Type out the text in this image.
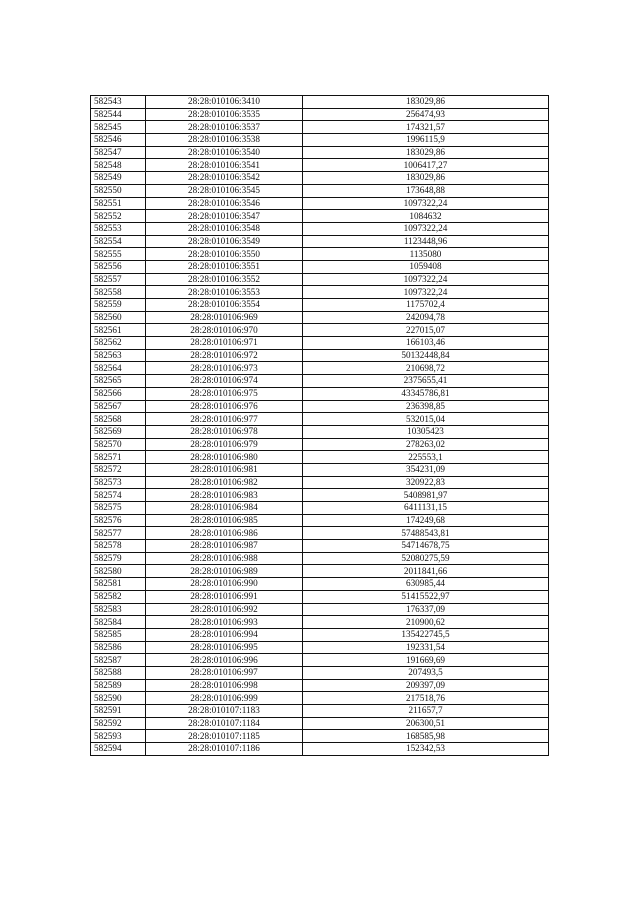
582543	28:28:010106:3410	183029,86
582544	28:28:010106:3535	256474,93
582545	28:28:010106:3537	174321,57
582546	28:28:010106:3538	1996115,9
582547	28:28:010106:3540	183029,86
582548	28:28:010106:3541	1006417,27
582549	28:28:010106:3542	183029,86
582550	28:28:010106:3545	173648,88
582551	28:28:010106:3546	1097322,24
582552	28:28:010106:3547	1084632
582553	28:28:010106:3548	1097322,24
582554	28:28:010106:3549	1123448,96
582555	28:28:010106:3550	1135080
582556	28:28:010106:3551	1059408
582557	28:28:010106:3552	1097322,24
582558	28:28:010106:3553	1097322,24
582559	28:28:010106:3554	1175702,4
582560	28:28:010106:969	242094,78
582561	28:28:010106:970	227015,07
582562	28:28:010106:971	166103,46
582563	28:28:010106:972	50132448,84
582564	28:28:010106:973	210698,72
582565	28:28:010106:974	2375655,41
582566	28:28:010106:975	43345786,81
582567	28:28:010106:976	236398,85
582568	28:28:010106:977	532015,04
582569	28:28:010106:978	10305423
582570	28:28:010106:979	278263,02
582571	28:28:010106:980	225553,1
582572	28:28:010106:981	354231,09
582573	28:28:010106:982	320922,83
582574	28:28:010106:983	5408981,97
582575	28:28:010106:984	6411131,15
582576	28:28:010106:985	174249,68
582577	28:28:010106:986	57488543,81
582578	28:28:010106:987	54714678,75
582579	28:28:010106:988	52080275,59
582580	28:28:010106:989	2011841,66
582581	28:28:010106:990	630985,44
582582	28:28:010106:991	51415522,97
582583	28:28:010106:992	176337,09
582584	28:28:010106:993	210900,62
582585	28:28:010106:994	135422745,5
582586	28:28:010106:995	192331,54
582587	28:28:010106:996	191669,69
582588	28:28:010106:997	207493,5
582589	28:28:010106:998	209397,09
582590	28:28:010106:999	217518,76
582591	28:28:010107:1183	211657,7
582592	28:28:010107:1184	206300,51
582593	28:28:010107:1185	168585,98
582594	28:28:010107:1186	152342,53
